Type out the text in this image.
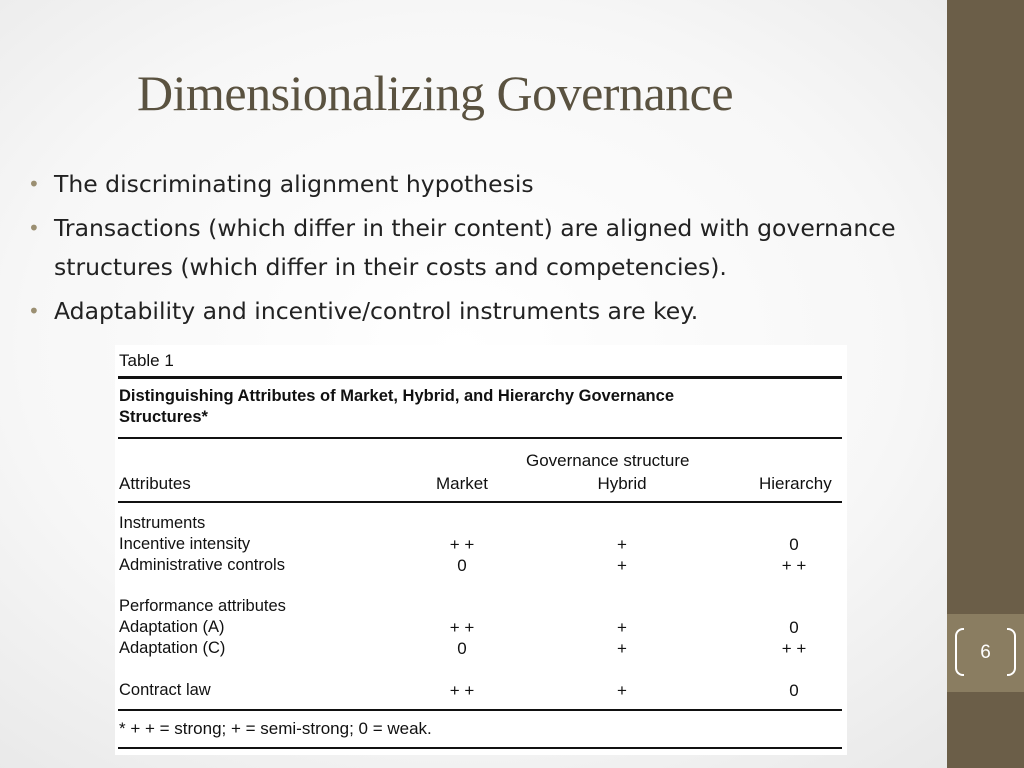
6
Dimensionalizing Governance
• The discriminating alignment hypothesis
• Transactions (which differ in their content) are aligned with governance structures (which differ in their costs and competencies).
• Adaptability and incentive/control instruments are key.
Table 1
Distinguishing Attributes of Market, Hybrid, and Hierarchy Governance
Structures*
Governance structure
Attributes	Market	Hybrid	Hierarchy
Instruments
Incentive intensity	+ +	+	0
Administrative controls	0	+	+ +
Performance attributes
Adaptation (A)	+ +	+	0
Adaptation (C)	0	+	+ +
Contract law	+ +	+	0
* + + = strong; + = semi-strong; 0 = weak.
